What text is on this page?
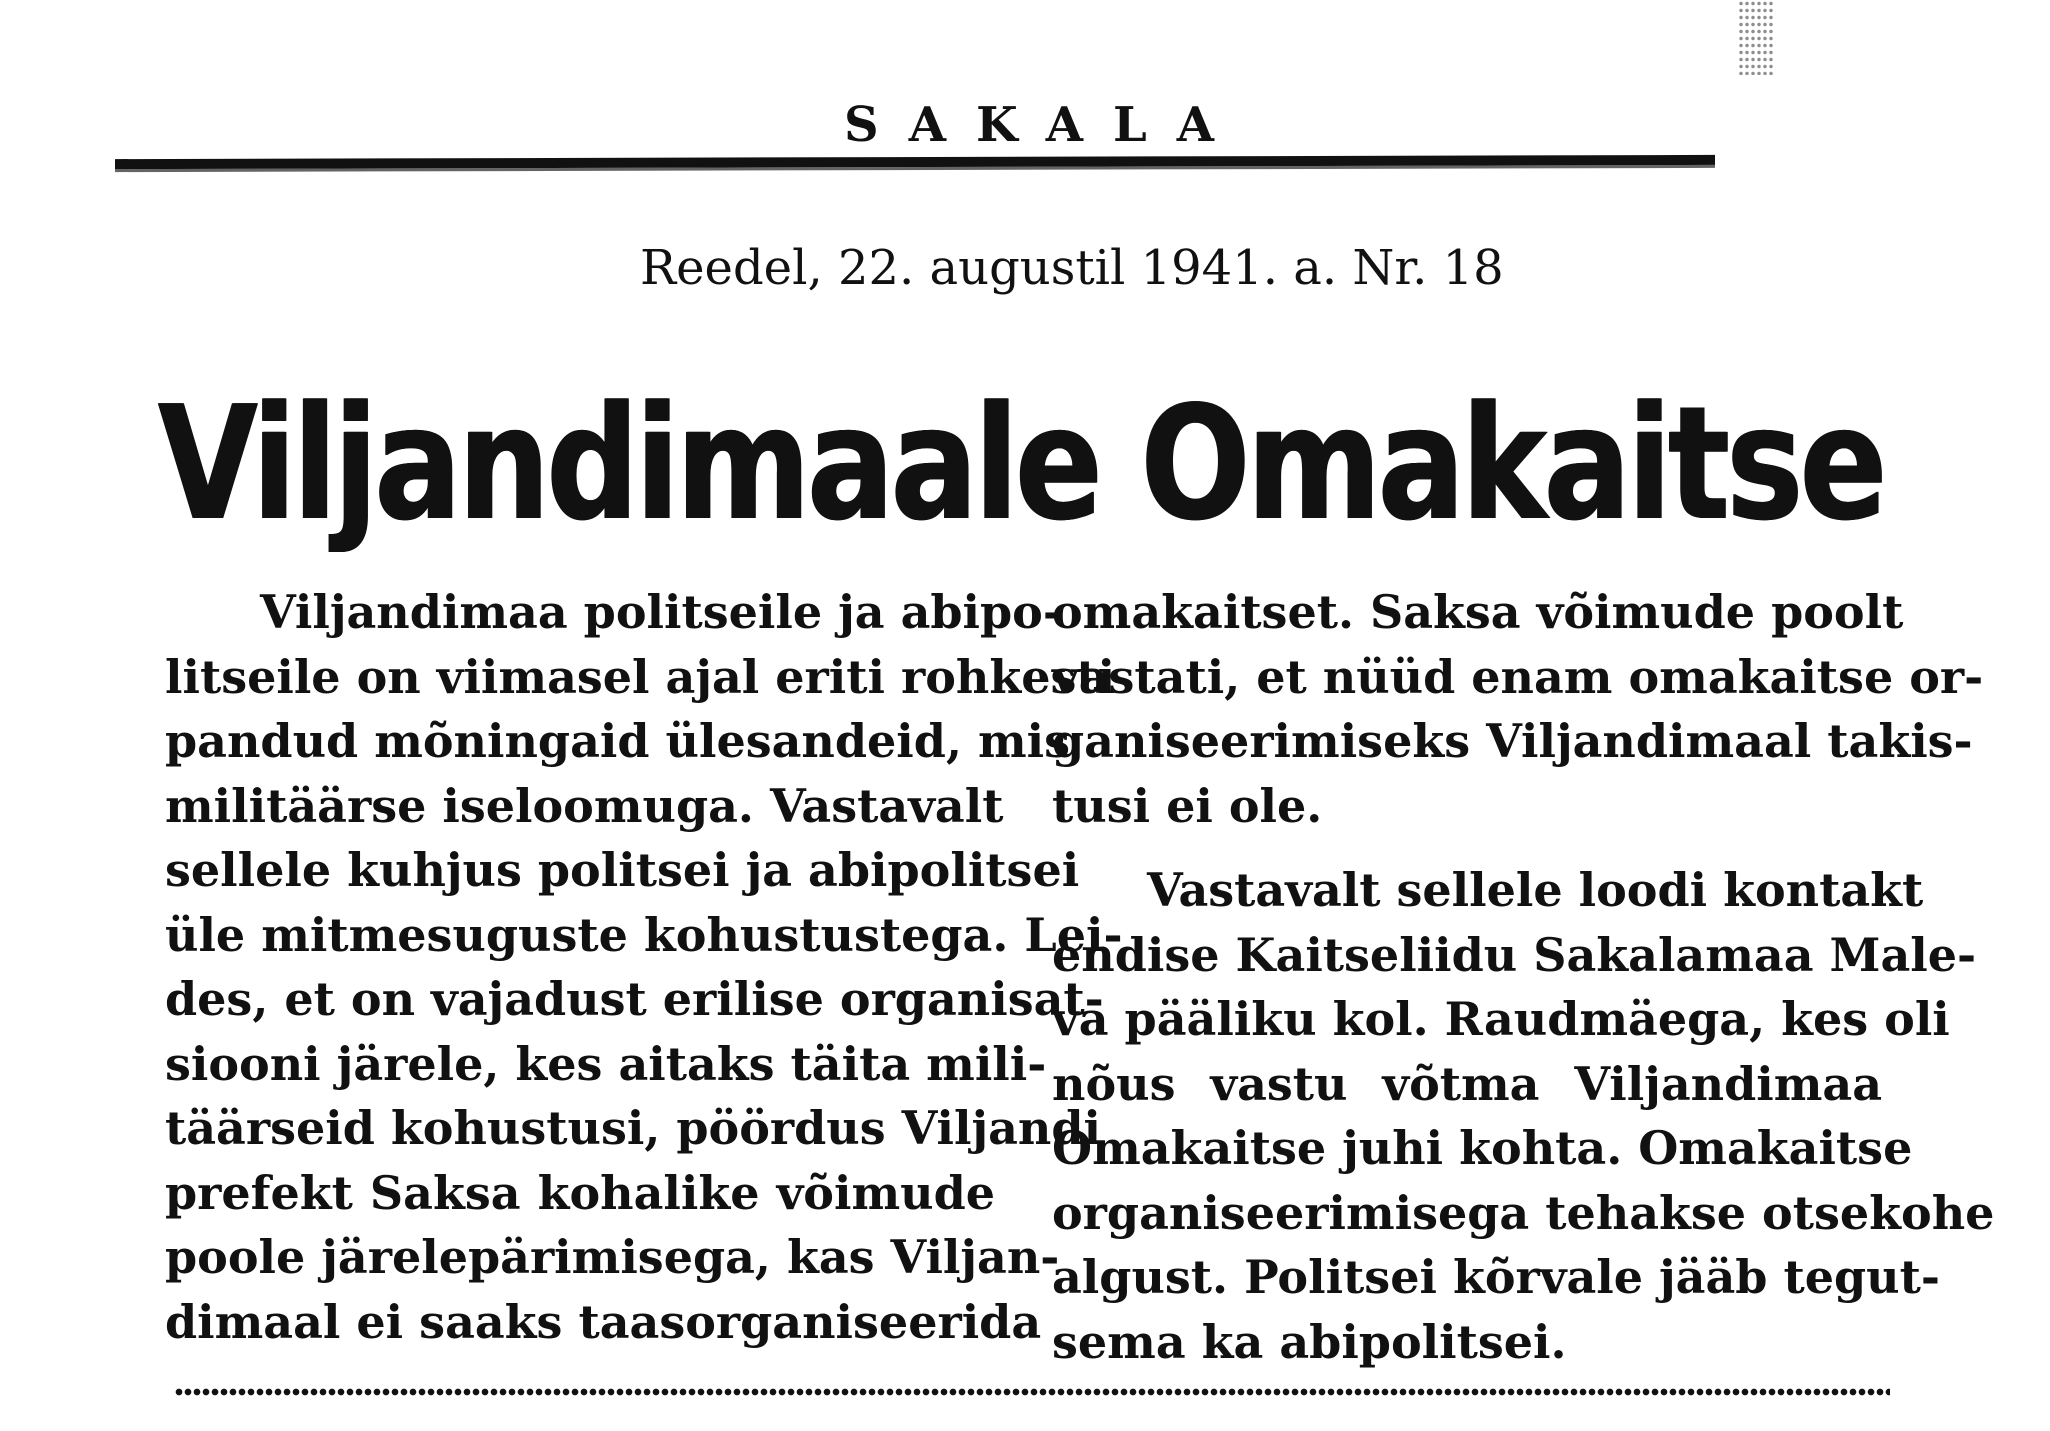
SAKALA
Reedel, 22. augustil 1941. a. Nr. 18
Viljandimaale Omakaitse

Viljandimaa politseile ja abipo-
litseile on viimasel ajal eriti rohkesti
pandud mõningaid ülesandeid, mis
militäärse iseloomuga. Vastavalt
sellele kuhjus politsei ja abipolitsei
üle mitmesuguste kohustustega. Lei-
des, et on vajadust erilise organisat-
siooni järele, kes aitaks täita mili-
täärseid kohustusi, pöördus Viljandi
prefekt Saksa kohalike võimude
poole järelepärimisega, kas Viljan-
dimaal ei saaks taasorganiseerida

omakaitset. Saksa võimude poolt
vastati, et nüüd enam omakaitse or-
ganiseerimiseks Viljandimaal takis-
tusi ei ole.

Vastavalt sellele loodi kontakt
endise Kaitseliidu Sakalamaa Male-
va pääliku kol. Raudmäega, kes oli
nõus vastu võtma Viljandimaa
Omakaitse juhi kohta. Omakaitse
organiseerimisega tehakse otsekohe
algust. Politsei kõrvale jääb tegut-
sema ka abipolitsei.
